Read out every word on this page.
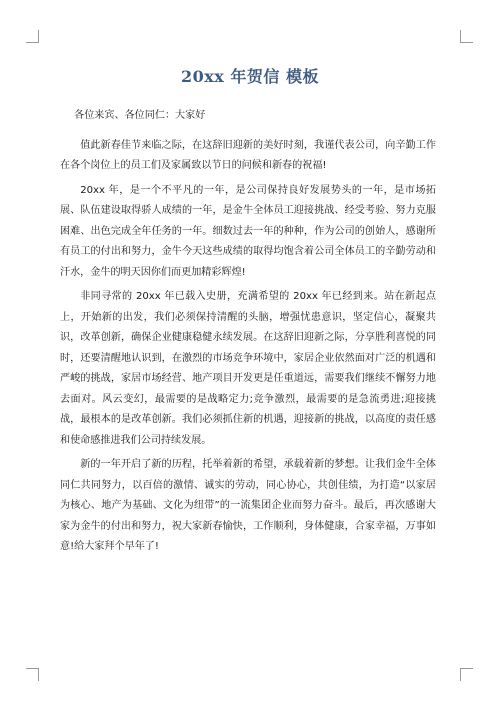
20xx 年贺信 模板

各位来宾、各位同仁：大家好

值此新春佳节来临之际，在这辞旧迎新的美好时刻，我谨代表公司，向辛勤工作在各个岗位上的员工们及家属致以节日的问候和新春的祝福!

20xx 年，是一个不平凡的一年，是公司保持良好发展势头的一年，是市场拓展、队伍建设取得骄人成绩的一年，是金牛全体员工迎接挑战、经受考验、努力克服困难、出色完成全年任务的一年。细数过去一年的种种，作为公司的创始人，感谢所有员工的付出和努力，金牛今天这些成绩的取得均饱含着公司全体员工的辛勤劳动和汗水，金牛的明天因你们而更加精彩辉煌!

非同寻常的 20xx 年已载入史册，充满希望的 20xx 年已经到来。站在新起点上，开始新的出发，我们必须保持清醒的头脑，增强忧患意识，坚定信心，凝聚共识，改革创新，确保企业健康稳健永续发展。在这辞旧迎新之际，分享胜利喜悦的同时，还要清醒地认识到，在激烈的市场竞争环境中，家居企业依然面对广泛的机遇和严峻的挑战，家居市场经营、地产项目开发更是任重道远，需要我们继续不懈努力地去面对。风云变幻，最需要的是战略定力;竞争激烈，最需要的是急流勇进;迎接挑战，最根本的是改革创新。我们必须抓住新的机遇，迎接新的挑战，以高度的责任感和使命感推进我们公司持续发展。

新的一年开启了新的历程，托举着新的希望，承载着新的梦想。让我们金牛全体同仁共同努力，以百倍的激情、诚实的劳动，同心协心，共创佳绩，为打造“以家居为核心、地产为基础、文化为纽带”的一流集团企业而努力奋斗。最后，再次感谢大家为金牛的付出和努力，祝大家新春愉快，工作顺利，身体健康，合家幸福，万事如意!给大家拜个早年了!
